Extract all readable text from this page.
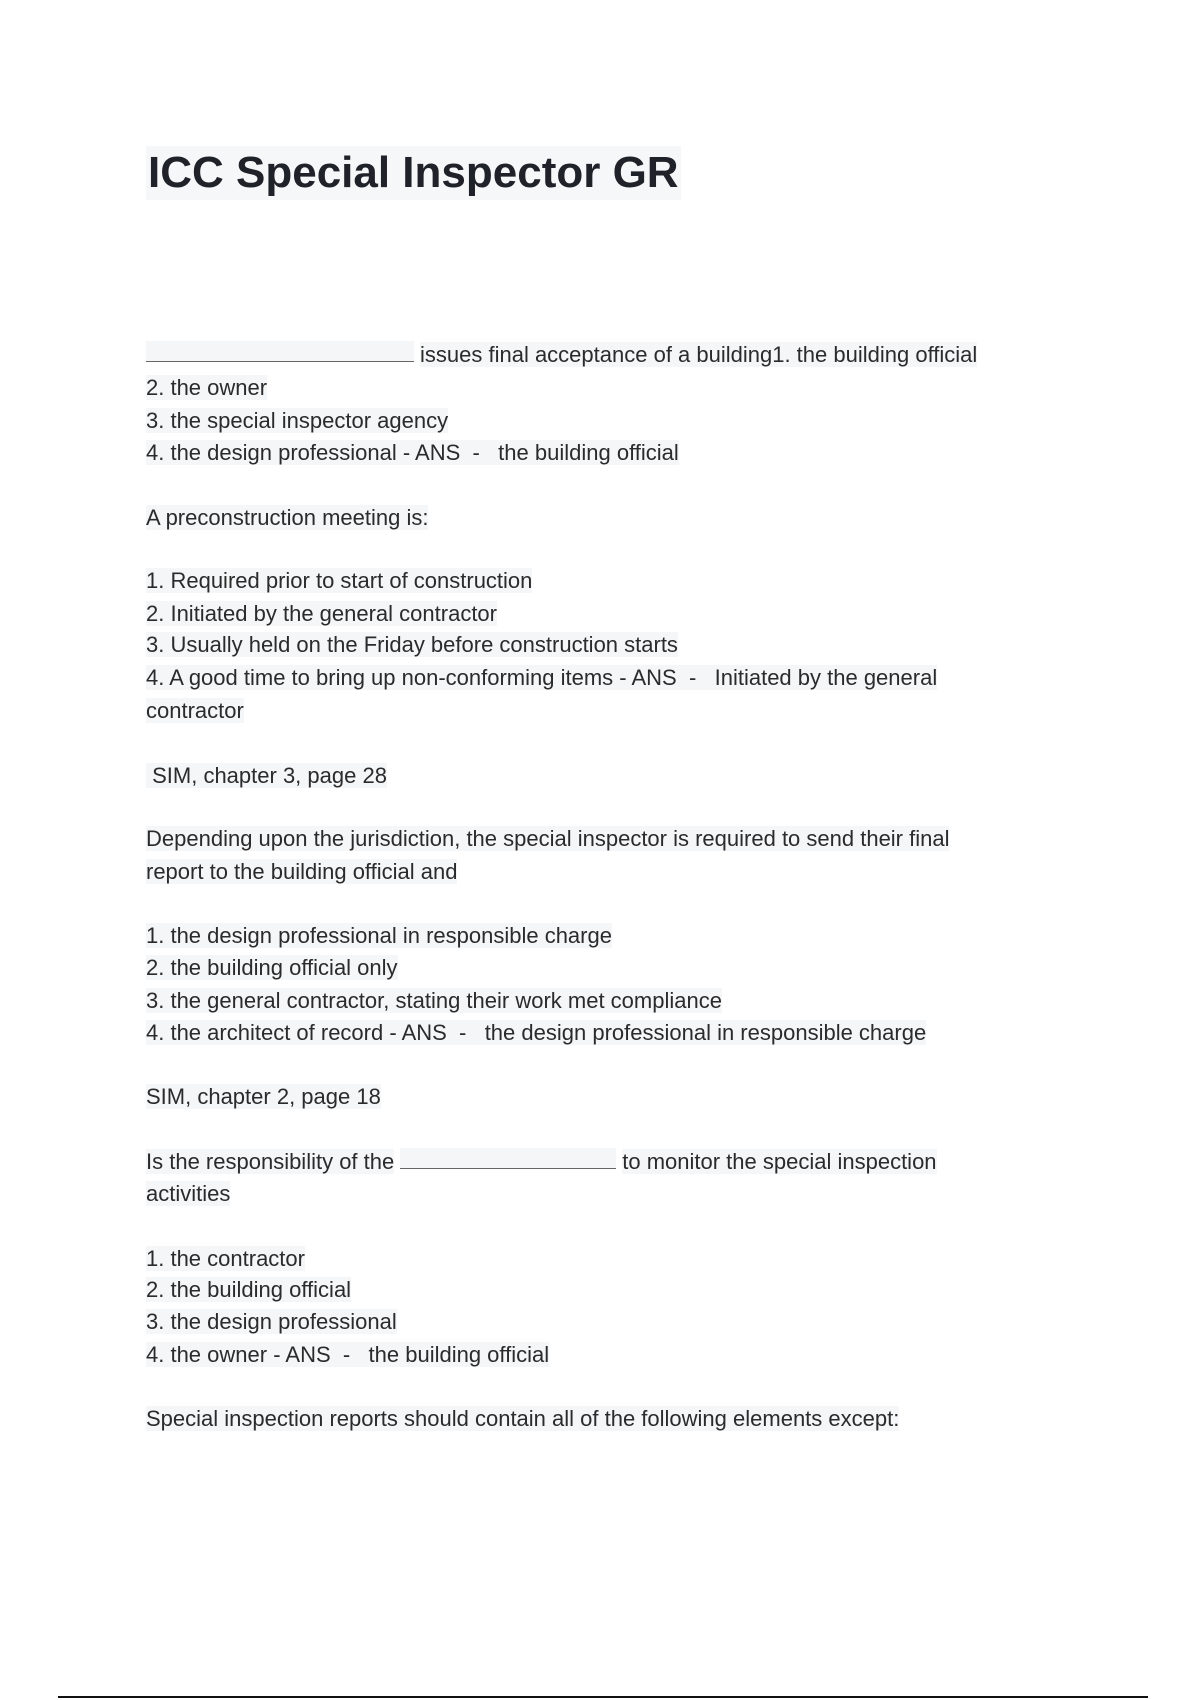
ICC Special Inspector GR
issues final acceptance of a building1. the building official
2. the owner
3. the special inspector agency
4. the design professional - ANS  -   the building official
A preconstruction meeting is:
1. Required prior to start of construction
2. Initiated by the general contractor
3. Usually held on the Friday before construction starts
4. A good time to bring up non-conforming items - ANS  -   Initiated by the general
contractor
SIM, chapter 3, page 28
Depending upon the jurisdiction, the special inspector is required to send their final
report to the building official and
1. the design professional in responsible charge
2. the building official only
3. the general contractor, stating their work met compliance
4. the architect of record - ANS  -   the design professional in responsible charge
SIM, chapter 2, page 18
Is the responsibility of the	to monitor the special inspection
activities
1. the contractor
2. the building official
3. the design professional
4. the owner - ANS  -   the building official
Special inspection reports should contain all of the following elements except:
